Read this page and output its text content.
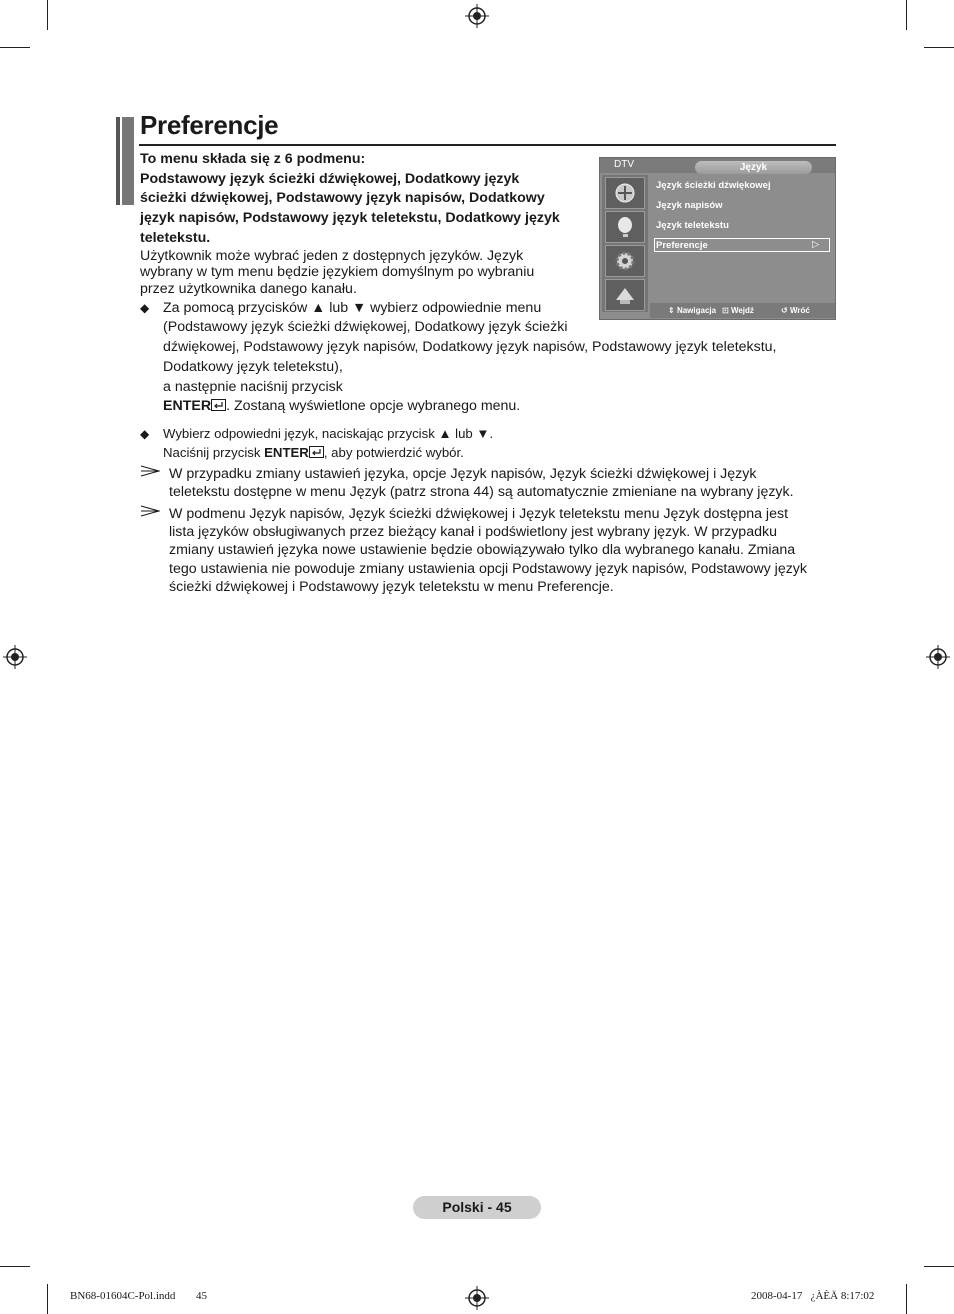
Preferencje
To menu składa się z 6 podmenu:
Podstawowy język ścieżki dźwiękowej, Dodatkowy język
ścieżki dźwiękowej, Podstawowy język napisów, Dodatkowy
język napisów, Podstawowy język teletekstu, Dodatkowy język
teletekstu.
Użytkownik może wybrać jeden z dostępnych języków. Język
wybrany w tym menu będzie językiem domyślnym po wybraniu
przez użytkownika danego kanału.
◆ Za pomocą przycisków ▲ lub ▼ wybierz odpowiednie menu
(Podstawowy język ścieżki dźwiękowej, Dodatkowy język ścieżki
dźwiękowej, Podstawowy język napisów, Dodatkowy język napisów, Podstawowy język teletekstu,
Dodatkowy język teletekstu),
a następnie naciśnij przycisk
ENTER . Zostaną wyświetlone opcje wybranego menu.
◆ Wybierz odpowiedni język, naciskając przycisk ▲ lub ▼.
Naciśnij przycisk ENTER , aby potwierdzić wybór.
W przypadku zmiany ustawień języka, opcje Język napisów, Język ścieżki dźwiękowej i Język
teletekstu dostępne w menu Język (patrz strona 44) są automatycznie zmieniane na wybrany język.
W podmenu Język napisów, Język ścieżki dźwiękowej i Język teletekstu menu Język dostępna jest
lista języków obsługiwanych przez bieżący kanał i podświetlony jest wybrany język. W przypadku
zmiany ustawień języka nowe ustawienie będzie obowiązywało tylko dla wybranego kanału. Zmiana
tego ustawienia nie powoduje zmiany ustawienia opcji Podstawowy język napisów, Podstawowy język
ścieżki dźwiękowej i Podstawowy język teletekstu w menu Preferencje.
DTV	Język
Język ścieżki dźwiękowej
Język napisów
Język teletekstu
Preferencje	▷
⇕ Nawigacja ⊡ Wejdź	↺ Wróć
Polski - 45
BN68-01604C-Pol.indd 45	2008-04-17   ¿ÀÈÄ 8:17:02
